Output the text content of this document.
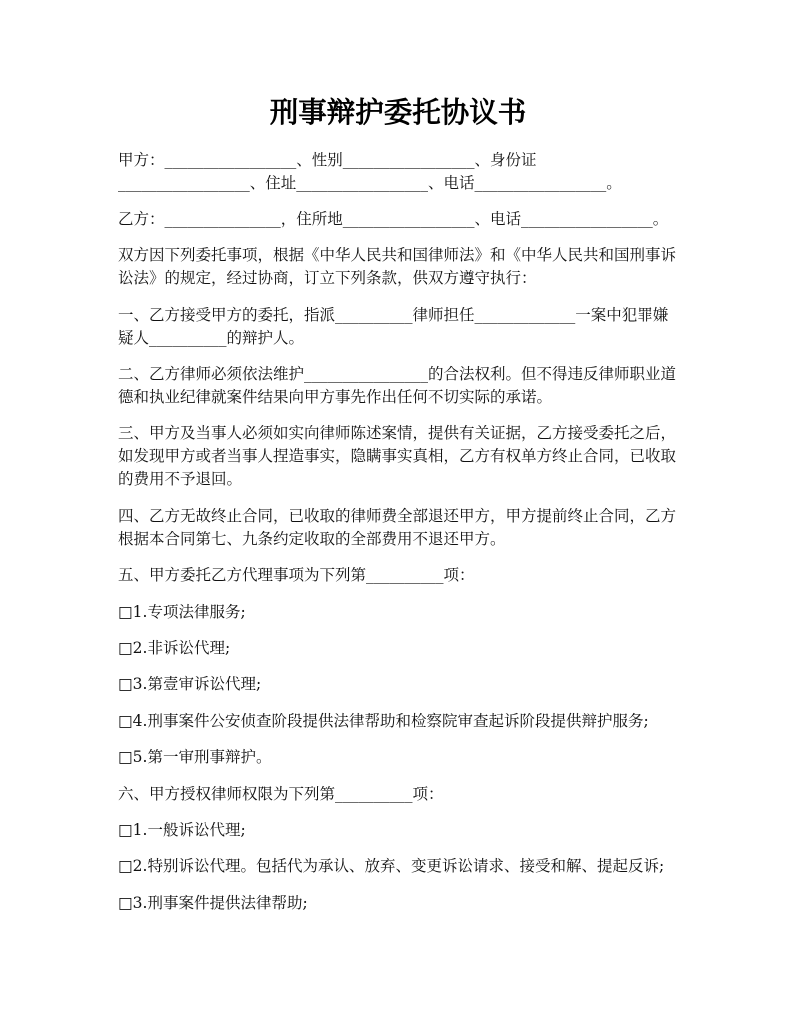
刑事辩护委托协议书

甲方：_________________、性别_________________、身份证
_________________、住址_________________、电话_________________。

乙方：_______________，住所地_________________、电话_________________。

双方因下列委托事项，根据《中华人民共和国律师法》和《中华人民共和国刑事诉
讼法》的规定，经过协商，订立下列条款，供双方遵守执行：

一、乙方接受甲方的委托，指派__________律师担任_____________一案中犯罪嫌
疑人__________的辩护人。

二、乙方律师必须依法维护________________的合法权利。但不得违反律师职业道
德和执业纪律就案件结果向甲方事先作出任何不切实际的承诺。

三、甲方及当事人必须如实向律师陈述案情，提供有关证据，乙方接受委托之后，
如发现甲方或者当事人捏造事实，隐瞒事实真相，乙方有权单方终止合同，已收取
的费用不予退回。

四、乙方无故终止合同，已收取的律师费全部退还甲方，甲方提前终止合同，乙方
根据本合同第七、九条约定收取的全部费用不退还甲方。

五、甲方委托乙方代理事项为下列第__________项：

□1.专项法律服务;

□2.非诉讼代理;

□3.第壹审诉讼代理;

□4.刑事案件公安侦查阶段提供法律帮助和检察院审查起诉阶段提供辩护服务;

□5.第一审刑事辩护。

六、甲方授权律师权限为下列第__________项：

□1.一般诉讼代理;

□2.特别诉讼代理。包括代为承认、放弃、变更诉讼请求、接受和解、提起反诉;

□3.刑事案件提供法律帮助;
